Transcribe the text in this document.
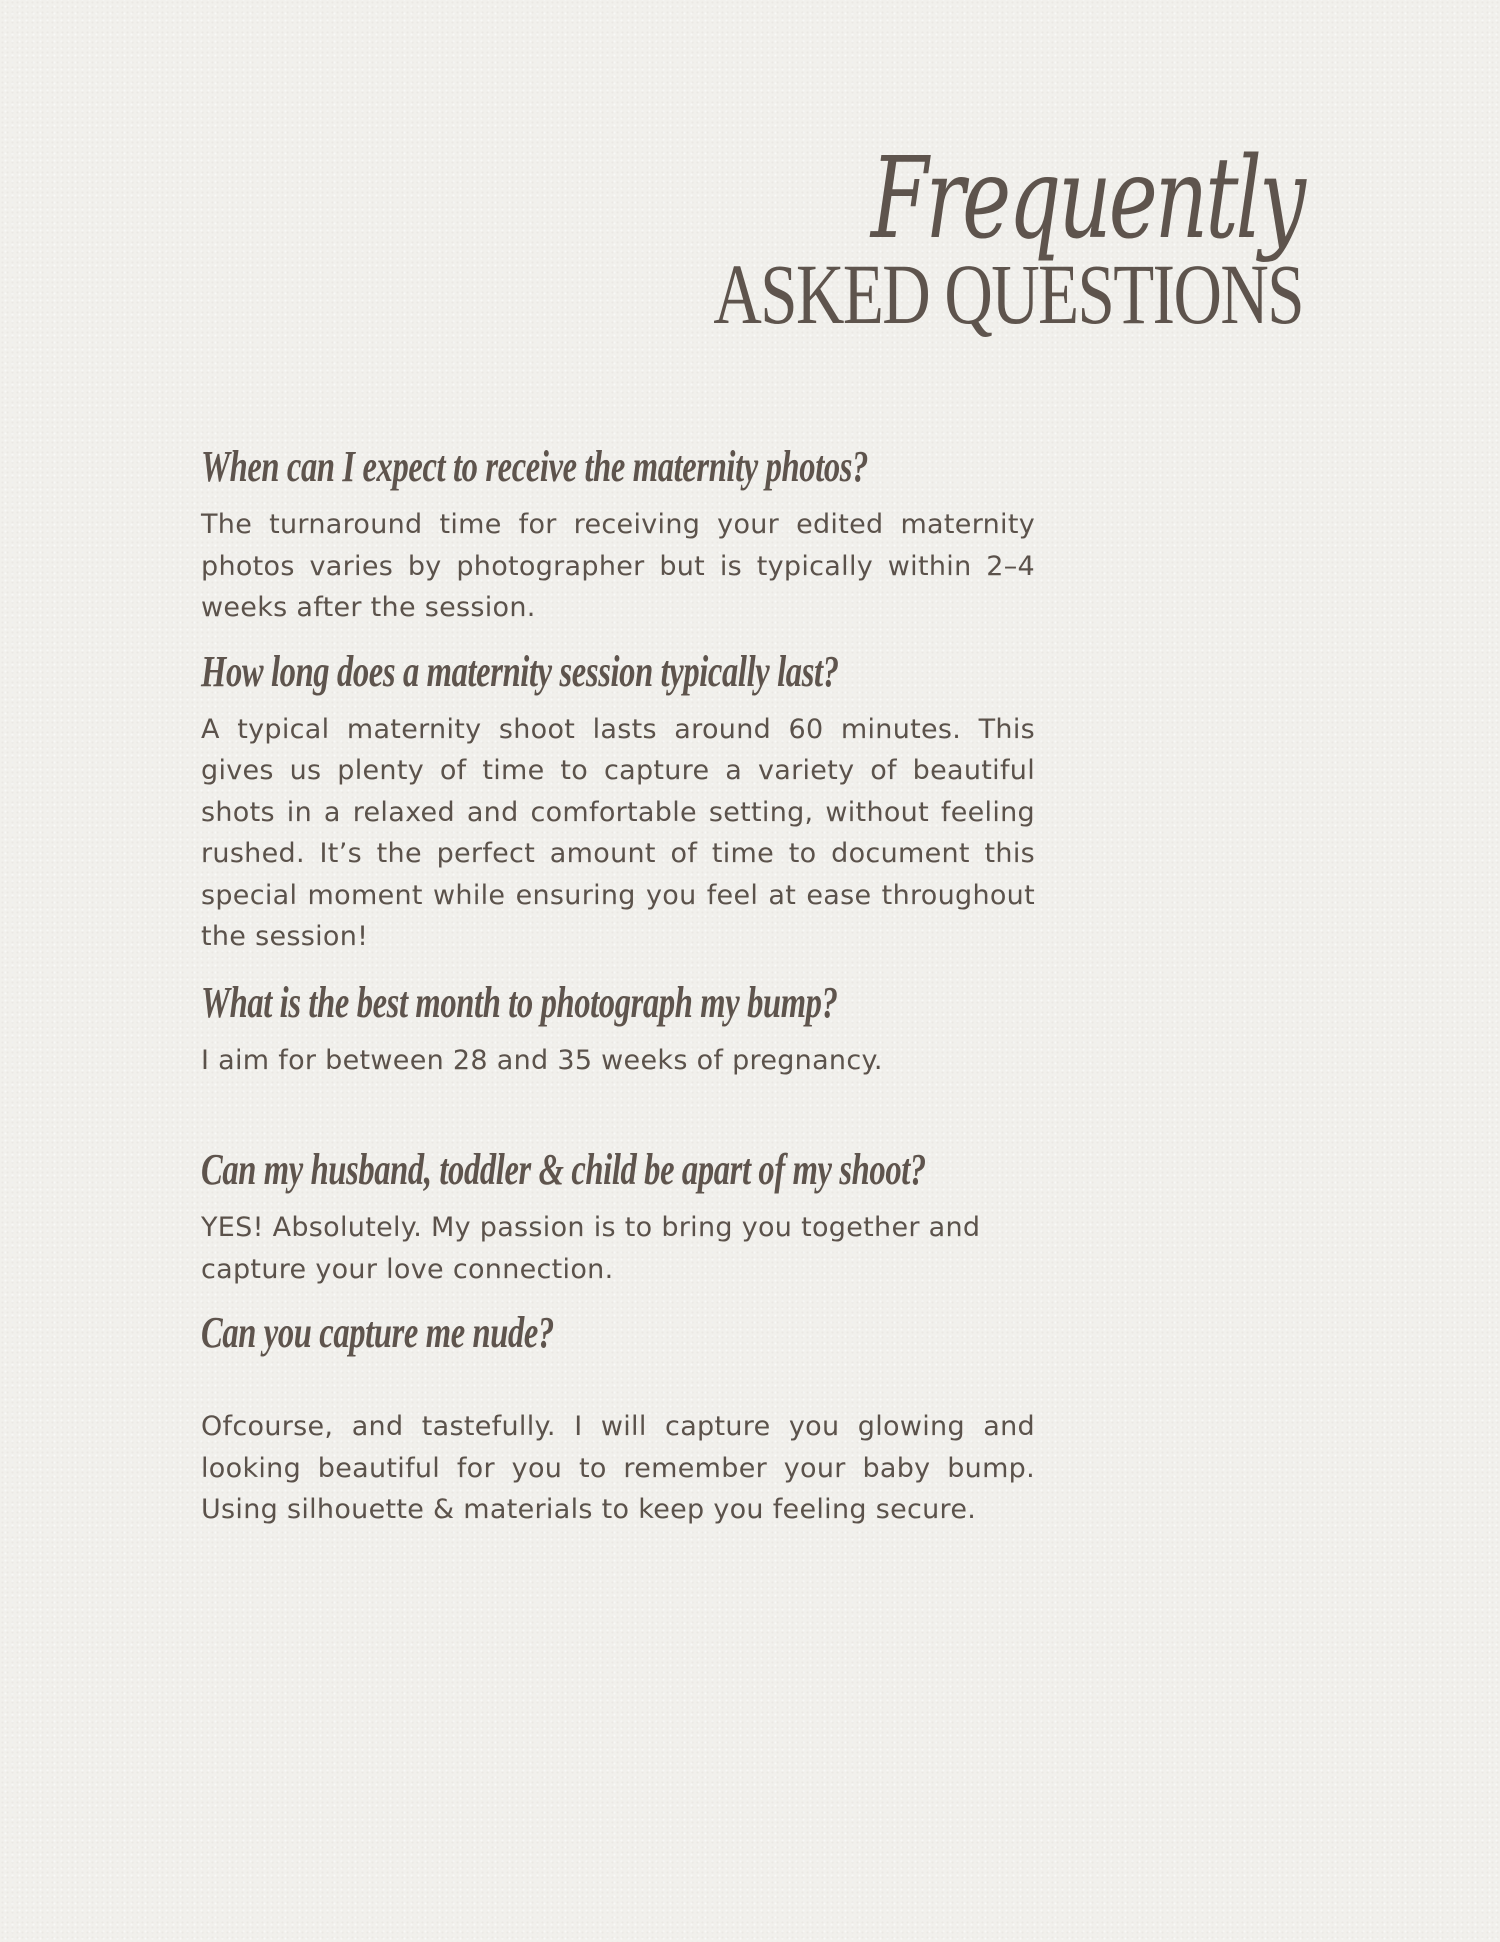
Frequently
ASKED QUESTIONS
When can I expect to receive the maternity photos?
The turnaround time for receiving your edited maternity photos varies by photographer but is typically within 2–4 weeks after the session.
How long does a maternity session typically last?
A typical maternity shoot lasts around 60 minutes. This gives us plenty of time to capture a variety of beautiful shots in a relaxed and comfortable setting, without feeling rushed. It’s the perfect amount of time to document this special moment while ensuring you feel at ease throughout the session!
What is the best month to photograph my bump?
I aim for between 28 and 35 weeks of pregnancy.
Can my husband, toddler & child be apart of my shoot?
YES! Absolutely. My passion is to bring you together and capture your love connection.
Can you capture me nude?
Ofcourse, and tastefully. I will capture you glowing and looking beautiful for you to remember your baby bump. Using silhouette & materials to keep you feeling secure.
